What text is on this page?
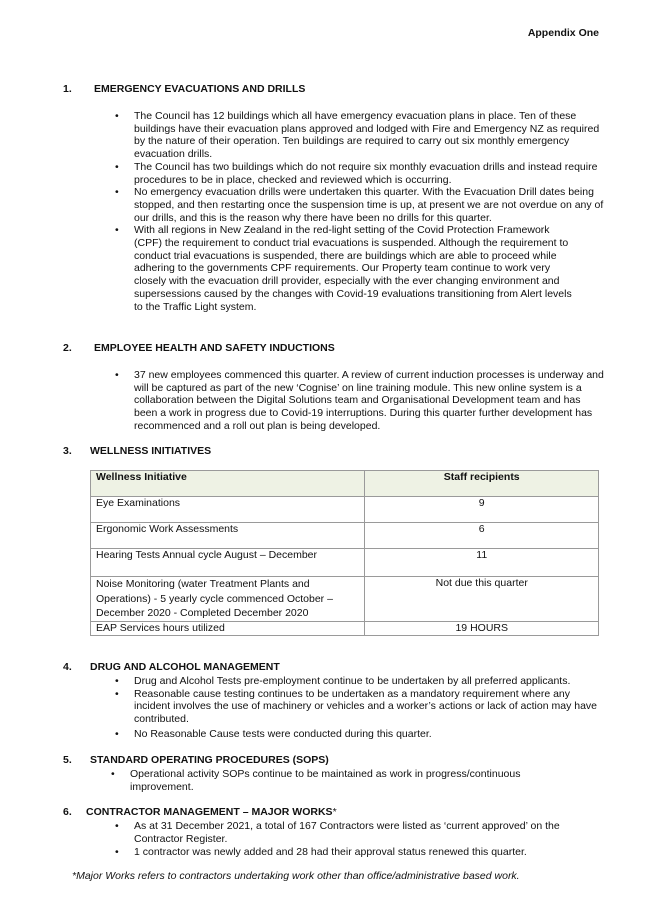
Appendix One
1. EMERGENCY EVACUATIONS AND DRILLS
• The Council has 12 buildings which all have emergency evacuation plans in place. Ten of these buildings have their evacuation plans approved and lodged with Fire and Emergency NZ as required by the nature of their operation. Ten buildings are required to carry out six monthly emergency evacuation drills.
• The Council has two buildings which do not require six monthly evacuation drills and instead require procedures to be in place, checked and reviewed which is occurring.
• No emergency evacuation drills were undertaken this quarter. With the Evacuation Drill dates being stopped, and then restarting once the suspension time is up, at present we are not overdue on any of our drills, and this is the reason why there have been no drills for this quarter.
• With all regions in New Zealand in the red-light setting of the Covid Protection Framework (CPF) the requirement to conduct trial evacuations is suspended. Although the requirement to conduct trial evacuations is suspended, there are buildings which are able to proceed while adhering to the governments CPF requirements. Our Property team continue to work very closely with the evacuation drill provider, especially with the ever changing environment and supersessions caused by the changes with Covid-19 evaluations transitioning from Alert levels to the Traffic Light system.
2. EMPLOYEE HEALTH AND SAFETY INDUCTIONS
• 37 new employees commenced this quarter. A review of current induction processes is underway and will be captured as part of the new ‘Cognise’ on line training module. This new online system is a collaboration between the Digital Solutions team and Organisational Development team and has been a work in progress due to Covid-19 interruptions. During this quarter further development has recommenced and a roll out plan is being developed.
3. WELLNESS INITIATIVES
Wellness Initiative	Staff recipients
Eye Examinations	9
Ergonomic Work Assessments	6
Hearing Tests Annual cycle August – December	11
Noise Monitoring (water Treatment Plants and Operations) - 5 yearly cycle commenced October – December 2020 - Completed December 2020	Not due this quarter
EAP Services hours utilized	19 HOURS
4. DRUG AND ALCOHOL MANAGEMENT
• Drug and Alcohol Tests pre-employment continue to be undertaken by all preferred applicants.
• Reasonable cause testing continues to be undertaken as a mandatory requirement where any incident involves the use of machinery or vehicles and a worker’s actions or lack of action may have contributed.
• No Reasonable Cause tests were conducted during this quarter.
5. STANDARD OPERATING PROCEDURES (SOPS)
• Operational activity SOPs continue to be maintained as work in progress/continuous improvement.
6. CONTRACTOR MANAGEMENT – MAJOR WORKS*
• As at 31 December 2021, a total of 167 Contractors were listed as ‘current approved’ on the Contractor Register.
• 1 contractor was newly added and 28 had their approval status renewed this quarter.
*Major Works refers to contractors undertaking work other than office/administrative based work.
